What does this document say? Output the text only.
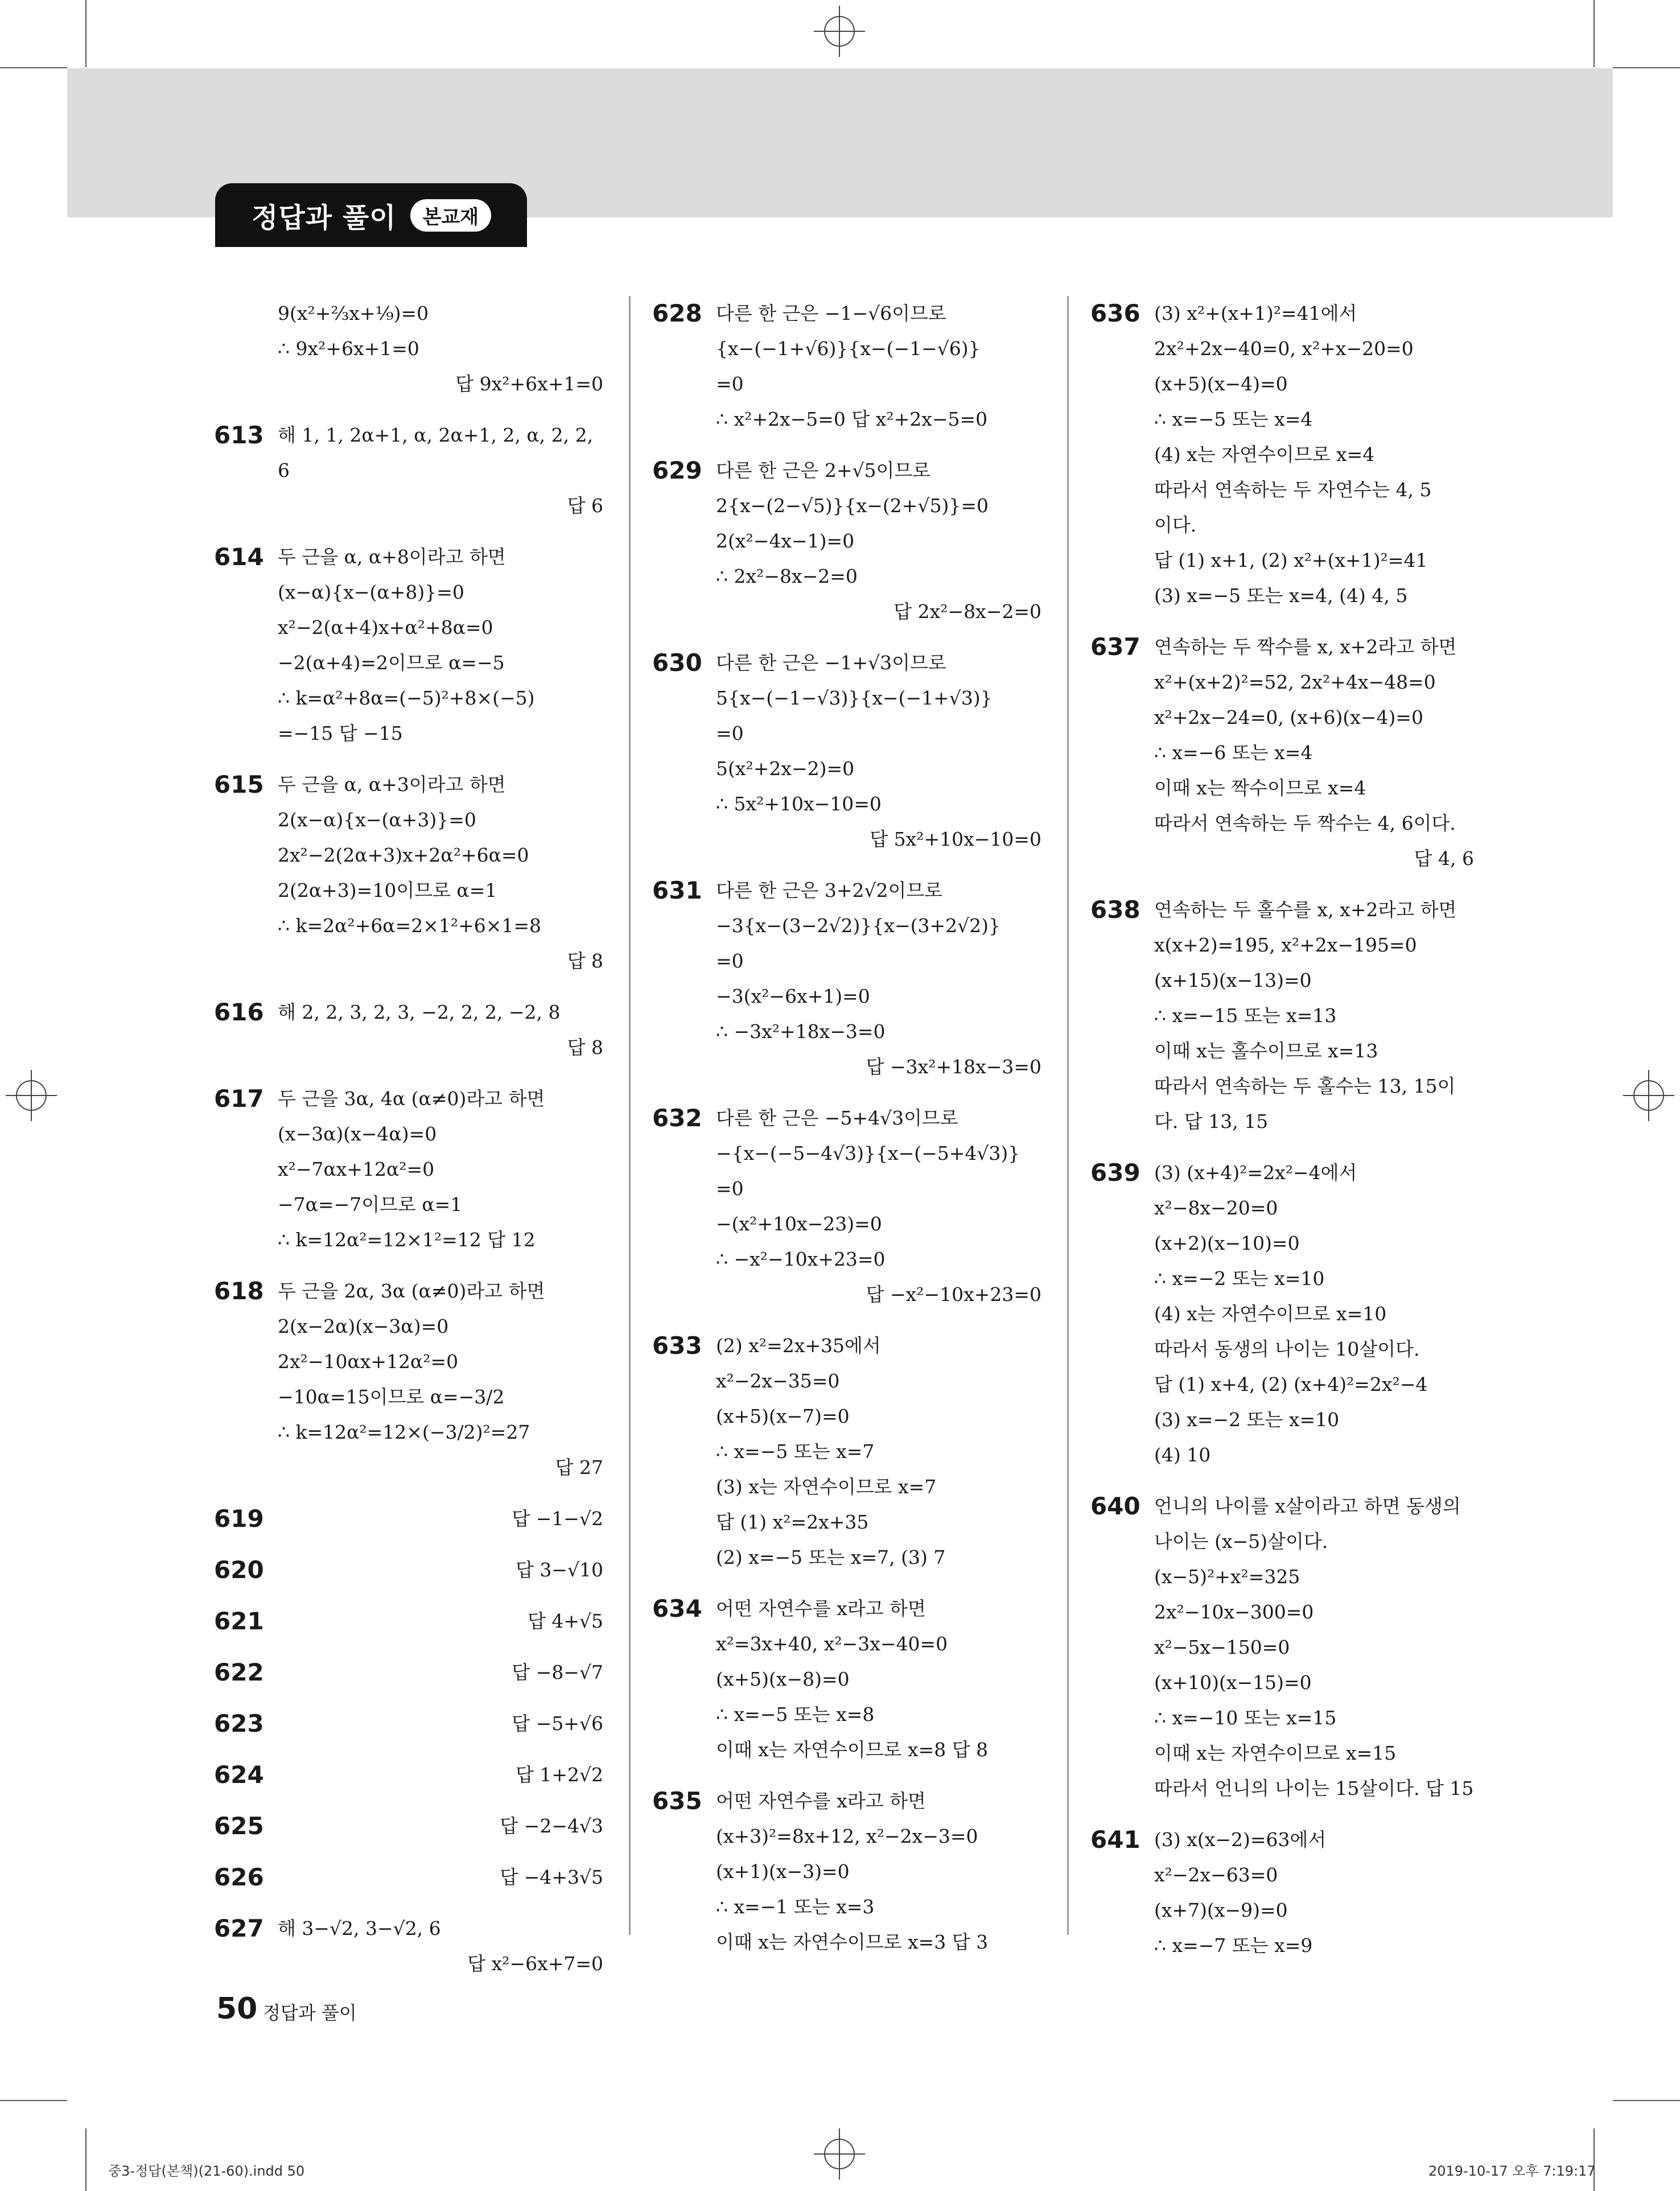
정답과 풀이	본교재
9(x²+⅔x+¹⁄₉)=0
∴ 9x²+6x+1=0
답 9x²+6x+1=0
613 해 1, 1, 2α+1, α, 2α+1, 2, α, 2, 2,
6
답 6
614 두 근을 α, α+8이라고 하면
(x−α){x−(α+8)}=0
x²−2(α+4)x+α²+8α=0
−2(α+4)=2이므로 α=−5
∴ k=α²+8α=(−5)²+8×(−5)
=−15 답 −15
615 두 근을 α, α+3이라고 하면
2(x−α){x−(α+3)}=0
2x²−2(2α+3)x+2α²+6α=0
2(2α+3)=10이므로 α=1
∴ k=2α²+6α=2×1²+6×1=8
답 8
616 해 2, 2, 3, 2, 3, −2, 2, 2, −2, 8
답 8
617 두 근을 3α, 4α (α≠0)라고 하면
(x−3α)(x−4α)=0
x²−7αx+12α²=0
−7α=−7이므로 α=1
∴ k=12α²=12×1²=12 답 12
618 두 근을 2α, 3α (α≠0)라고 하면
2(x−2α)(x−3α)=0
2x²−10αx+12α²=0
−10α=15이므로 α=−3/2
∴ k=12α²=12×(−3/2)²=27
답 27
619	답 −1−√2
620	답 3−√10
621	답 4+√5
622	답 −8−√7
623	답 −5+√6
624	답 1+2√2
625	답 −2−4√3
626	답 −4+3√5
627 해 3−√2, 3−√2, 6
답 x²−6x+7=0
628 다른 한 근은 −1−√6이므로
{x−(−1+√6)}{x−(−1−√6)}
=0
∴ x²+2x−5=0 답 x²+2x−5=0
629 다른 한 근은 2+√5이므로
2{x−(2−√5)}{x−(2+√5)}=0
2(x²−4x−1)=0
∴ 2x²−8x−2=0
답 2x²−8x−2=0
630 다른 한 근은 −1+√3이므로
5{x−(−1−√3)}{x−(−1+√3)}
=0
5(x²+2x−2)=0
∴ 5x²+10x−10=0
답 5x²+10x−10=0
631 다른 한 근은 3+2√2이므로
−3{x−(3−2√2)}{x−(3+2√2)}
=0
−3(x²−6x+1)=0
∴ −3x²+18x−3=0
답 −3x²+18x−3=0
632 다른 한 근은 −5+4√3이므로
−{x−(−5−4√3)}{x−(−5+4√3)}
=0
−(x²+10x−23)=0
∴ −x²−10x+23=0
답 −x²−10x+23=0
633 (2) x²=2x+35에서
x²−2x−35=0
(x+5)(x−7)=0
∴ x=−5 또는 x=7
(3) x는 자연수이므로 x=7
답 (1) x²=2x+35
(2) x=−5 또는 x=7, (3) 7
634 어떤 자연수를 x라고 하면
x²=3x+40, x²−3x−40=0
(x+5)(x−8)=0
∴ x=−5 또는 x=8
이때 x는 자연수이므로 x=8 답 8
635 어떤 자연수를 x라고 하면
(x+3)²=8x+12, x²−2x−3=0
(x+1)(x−3)=0
∴ x=−1 또는 x=3
이때 x는 자연수이므로 x=3 답 3
636 (3) x²+(x+1)²=41에서
2x²+2x−40=0, x²+x−20=0
(x+5)(x−4)=0
∴ x=−5 또는 x=4
(4) x는 자연수이므로 x=4
따라서 연속하는 두 자연수는 4, 5
이다.
답 (1) x+1, (2) x²+(x+1)²=41
(3) x=−5 또는 x=4, (4) 4, 5
637 연속하는 두 짝수를 x, x+2라고 하면
x²+(x+2)²=52, 2x²+4x−48=0
x²+2x−24=0, (x+6)(x−4)=0
∴ x=−6 또는 x=4
이때 x는 짝수이므로 x=4
따라서 연속하는 두 짝수는 4, 6이다.
답 4, 6
638 연속하는 두 홀수를 x, x+2라고 하면
x(x+2)=195, x²+2x−195=0
(x+15)(x−13)=0
∴ x=−15 또는 x=13
이때 x는 홀수이므로 x=13
따라서 연속하는 두 홀수는 13, 15이
다. 답 13, 15
639 (3) (x+4)²=2x²−4에서
x²−8x−20=0
(x+2)(x−10)=0
∴ x=−2 또는 x=10
(4) x는 자연수이므로 x=10
따라서 동생의 나이는 10살이다.
답 (1) x+4, (2) (x+4)²=2x²−4
(3) x=−2 또는 x=10
(4) 10
640 언니의 나이를 x살이라고 하면 동생의
나이는 (x−5)살이다.
(x−5)²+x²=325
2x²−10x−300=0
x²−5x−150=0
(x+10)(x−15)=0
∴ x=−10 또는 x=15
이때 x는 자연수이므로 x=15
따라서 언니의 나이는 15살이다. 답 15
641 (3) x(x−2)=63에서
x²−2x−63=0
(x+7)(x−9)=0
∴ x=−7 또는 x=9
50 정답과 풀이
중3-정답(본책)(21-60).indd 50	2019-10-17 오후 7:19:17
